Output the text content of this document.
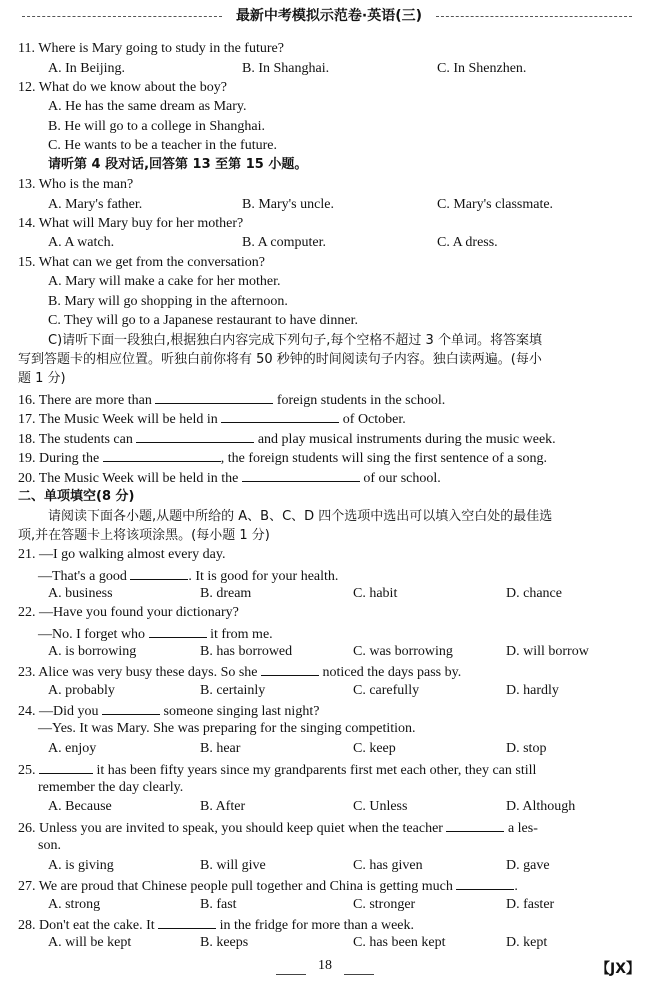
最新中考模拟示范卷·英语(三)
11. Where is Mary going to study in the future?
A. In Beijing.	B. In Shanghai.	C. In Shenzhen.
12. What do we know about the boy?
A. He has the same dream as Mary.
B. He will go to a college in Shanghai.
C. He wants to be a teacher in the future.
请听第 4 段对话,回答第 13 至第 15 小题。
13. Who is the man?
A. Mary's father.	B. Mary's uncle.	C. Mary's classmate.
14. What will Mary buy for her mother?
A. A watch.	B. A computer.	C. A dress.
15. What can we get from the conversation?
A. Mary will make a cake for her mother.
B. Mary will go shopping in the afternoon.
C. They will go to a Japanese restaurant to have dinner.
C)请听下面一段独白,根据独白内容完成下列句子,每个空格不超过 3 个单词。将答案填
写到答题卡的相应位置。听独白前你将有 50 秒钟的时间阅读句子内容。独白读两遍。(每小
题 1 分)
16. There are more than	foreign students in the school.
17. The Music Week will be held in	of October.
18. The students can	and play musical instruments during the music week.
19. During the	, the foreign students will sing the first sentence of a song.
20. The Music Week will be held in the	of our school.
二、单项填空(8 分)
请阅读下面各小题,从题中所给的 A、B、C、D 四个选项中选出可以填入空白处的最佳选
项,并在答题卡上将该项涂黑。(每小题 1 分)
21. —I go walking almost every day.
—That's a good	. It is good for your health.
A. business	B. dream	C. habit	D. chance
22. —Have you found your dictionary?
—No. I forget who	it from me.
A. is borrowing	B. has borrowed	C. was borrowing	D. will borrow
23. Alice was very busy these days. So she	noticed the days pass by.
A. probably	B. certainly	C. carefully	D. hardly
24. —Did you	someone singing last night?
—Yes. It was Mary. She was preparing for the singing competition.
A. enjoy	B. hear	C. keep	D. stop
25.	it has been fifty years since my grandparents first met each other, they can still
remember the day clearly.
A. Because	B. After	C. Unless	D. Although
26. Unless you are invited to speak, you should keep quiet when the teacher	a les-
son.
A. is giving	B. will give	C. has given	D. gave
27. We are proud that Chinese people pull together and China is getting much	.
A. strong	B. fast	C. stronger	D. faster
28. Don't eat the cake. It	in the fridge for more than a week.
A. will be kept	B. keeps	C. has been kept	D. kept
18	【JX】
